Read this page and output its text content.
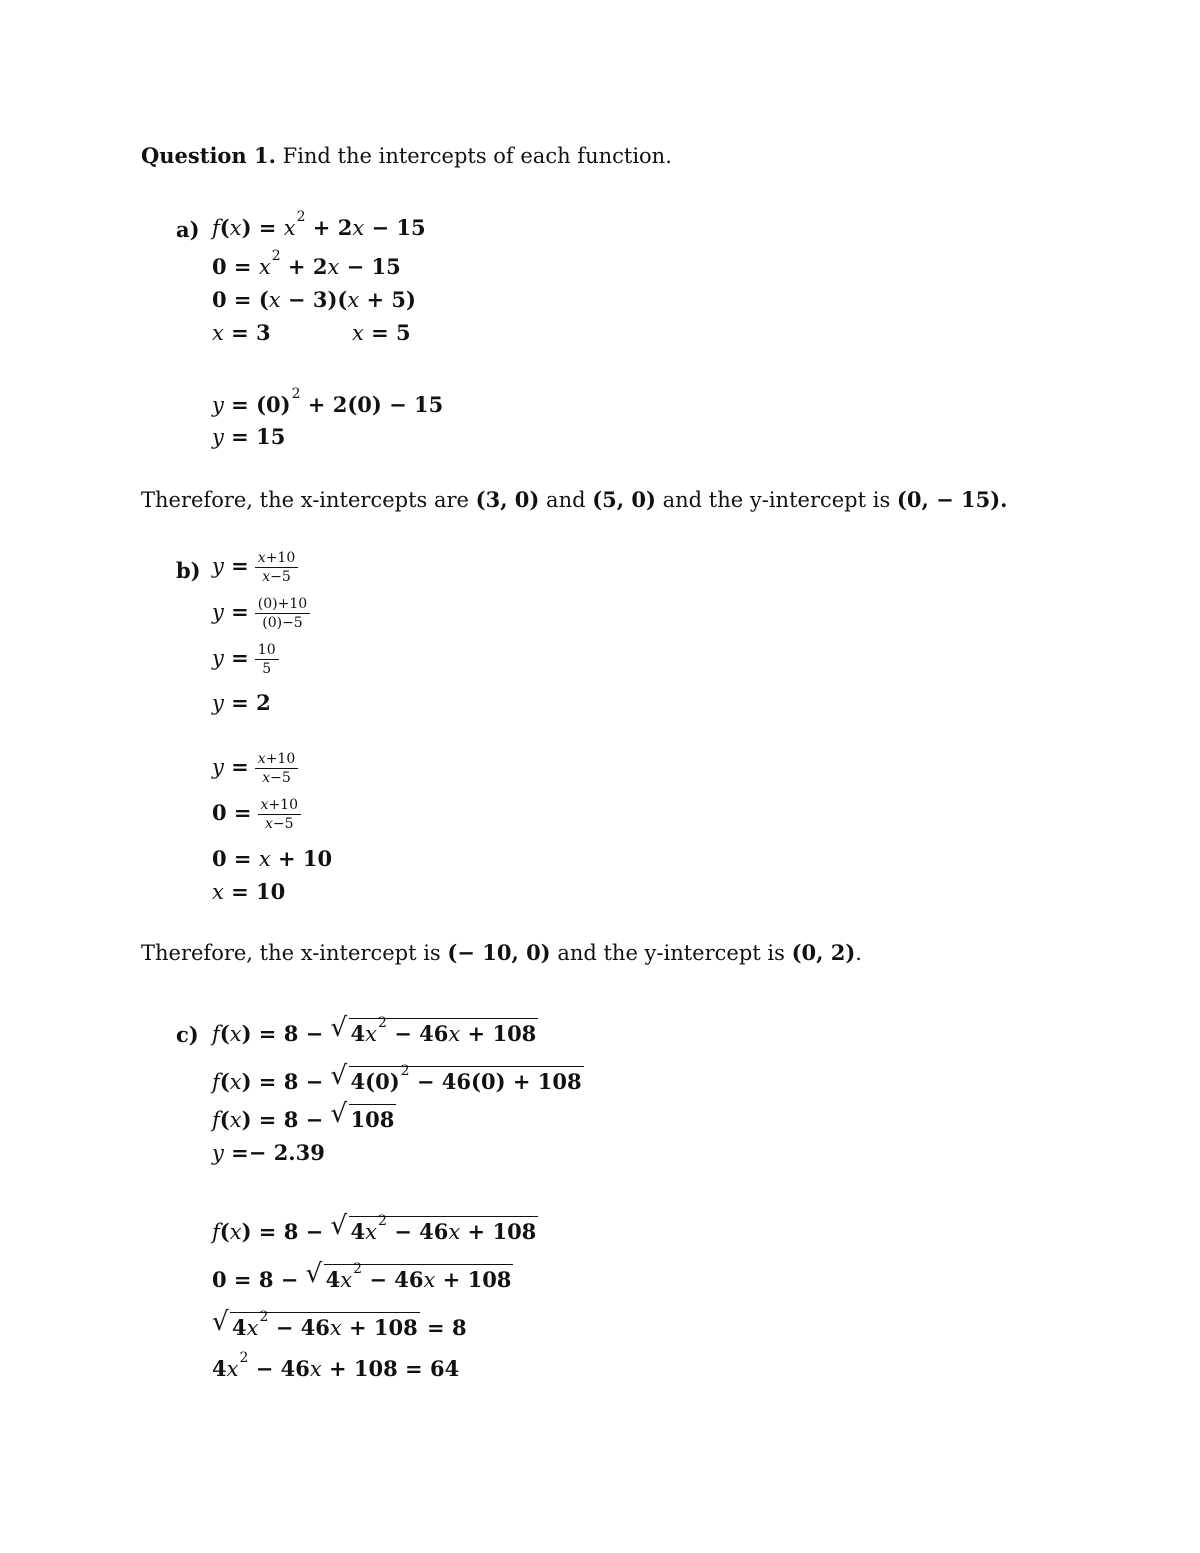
Question 1. Find the intercepts of each function.
a) $f(x) = x^2 + 2x - 15$
$0 = x^2 + 2x - 15$
0 = (x − 3)(x + 5)
x = 3	x = 5
$y = (0)^2 + 2(0) - 15$
y = 15
Therefore, the x-intercepts are (3, 0) and (5, 0) and the y-intercept is (0, − 15).
b) $y = \frac{x+10}{x-5}$
$y = \frac{(0)+10}{(0)-5}$
$y = \frac{10}{5}$
y = 2
$y = \frac{x+10}{x-5}$
$0 = \frac{x+10}{x-5}$
0 = x + 10
x = 10
Therefore, the x-intercept is (− 10, 0) and the y-intercept is (0, 2).
c) f(x) = 8 − √ $4x^2 - 46x + 108$
f(x) = 8 − √ $4(0)^2 - 46(0) + 108$
f(x) = 8 − √ 108
y =− 2.39
f(x) = 8 − √ $4x^2 - 46x + 108$
0 = 8 − √ $4x^2 - 46x + 108$
√ $4x^2 - 46x + 108 = 8$
$4x^2 - 46x + 108 = 64$
